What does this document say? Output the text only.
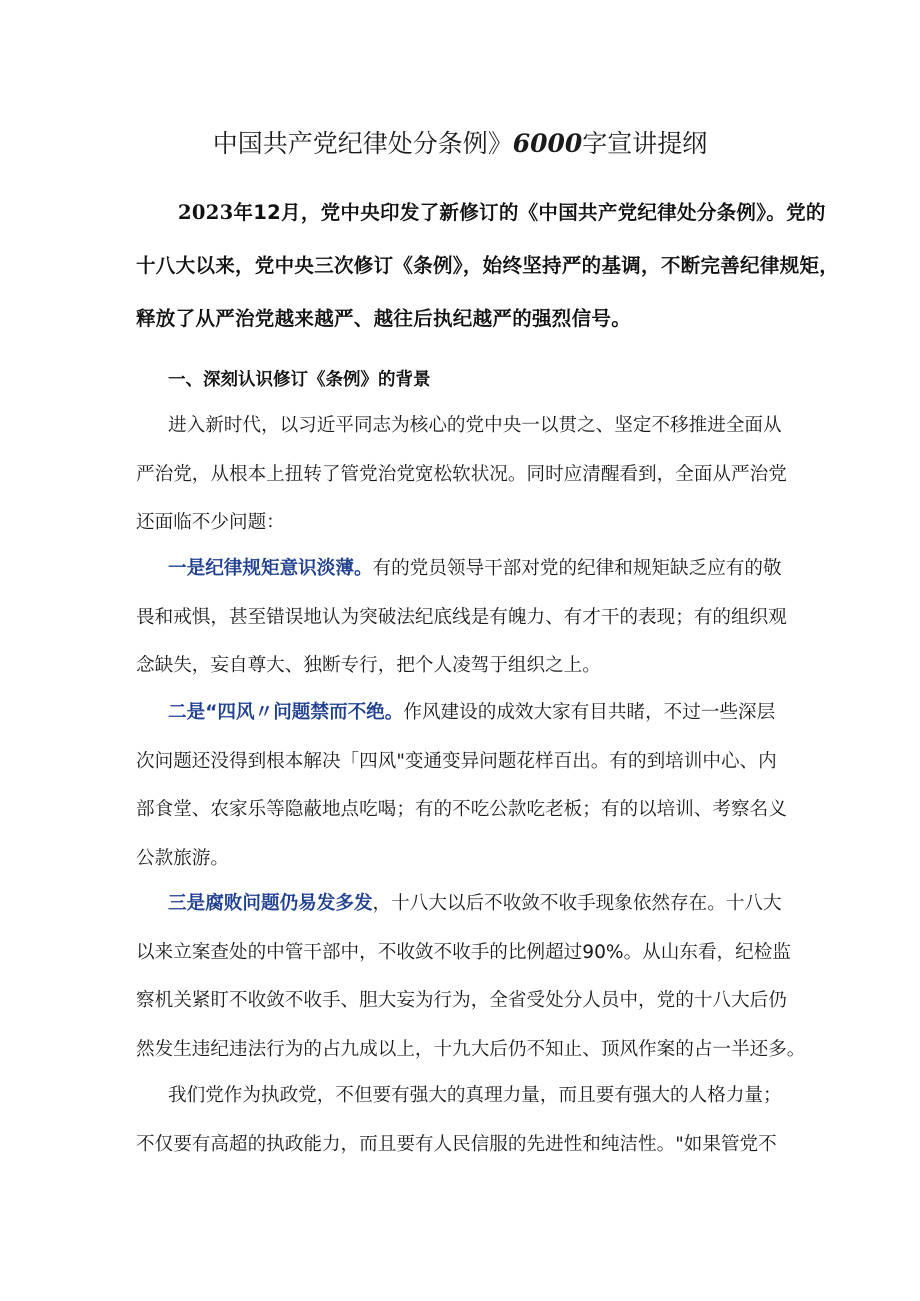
中国共产党纪律处分条例》6000字宣讲提纲
2023年12月，党中央印发了新修订的《中国共产党纪律处分条例》。党的
十八大以来，党中央三次修订《条例》，始终坚持严的基调，不断完善纪律规矩，
释放了从严治党越来越严、越往后执纪越严的强烈信号。
一、深刻认识修订《条例》的背景
进入新时代，以习近平同志为核心的党中央一以贯之、坚定不移推进全面从
严治党，从根本上扭转了管党治党宽松软状况。同时应清醒看到，全面从严治党
还面临不少问题：
一是纪律规矩意识淡薄。有的党员领导干部对党的纪律和规矩缺乏应有的敬
畏和戒惧，甚至错误地认为突破法纪底线是有魄力、有才干的表现；有的组织观
念缺失，妄自尊大、独断专行，把个人凌驾于组织之上。
二是“四风〃问题禁而不绝。作风建设的成效大家有目共睹，不过一些深层
次问题还没得到根本解决「四风"变通变异问题花样百出。有的到培训中心、内
部食堂、农家乐等隐蔽地点吃喝；有的不吃公款吃老板；有的以培训、考察名义
公款旅游。
三是腐败问题仍易发多发，十八大以后不收敛不收手现象依然存在。十八大
以来立案查处的中管干部中，不收敛不收手的比例超过90%。从山东看，纪检监
察机关紧盯不收敛不收手、胆大妄为行为，全省受处分人员中，党的十八大后仍
然发生违纪违法行为的占九成以上，十九大后仍不知止、顶风作案的占一半还多。
我们党作为执政党，不但要有强大的真理力量，而且要有强大的人格力量；
不仅要有高超的执政能力，而且要有人民信服的先进性和纯洁性。"如果管党不
